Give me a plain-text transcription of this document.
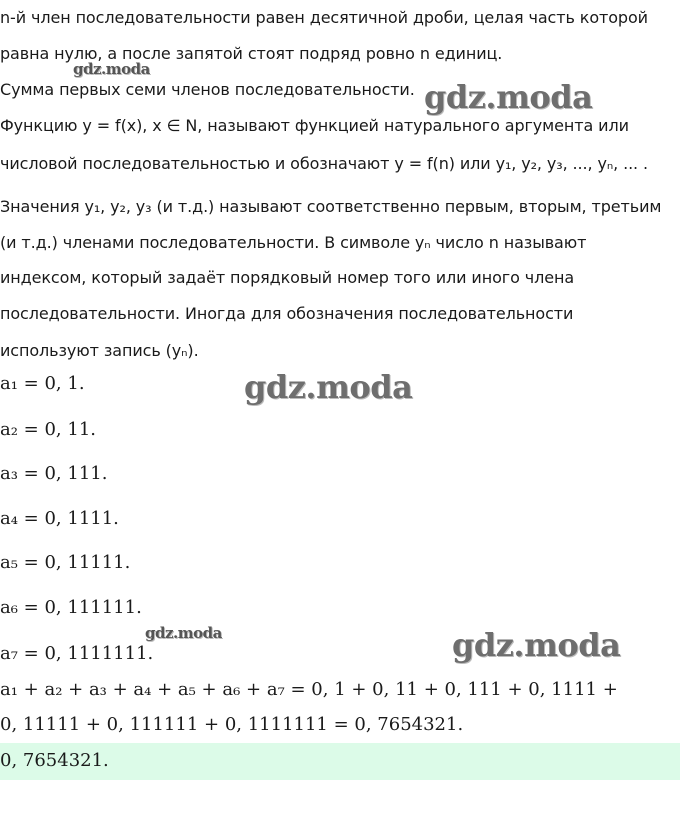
n-й член последовательности равен десятичной дроби, целая часть которой
равна нулю, а после запятой стоят подряд ровно n единиц.
Сумма первых семи членов последовательности.
Функцию y = f(x), x ∈ N, называют функцией натурального аргумента или
числовой последовательностью и обозначают y = f(n) или y₁, y₂, y₃, ..., yₙ, ... .
Значения y₁, y₂, y₃ (и т.д.) называют соответственно первым, вторым, третьим
(и т.д.) членами последовательности. В символе yₙ число n называют
индексом, который задаёт порядковый номер того или иного члена
последовательности. Иногда для обозначения последовательности
используют запись (yₙ).
a₁ = 0, 1.
a₂ = 0, 11.
a₃ = 0, 111.
a₄ = 0, 1111.
a₅ = 0, 11111.
a₆ = 0, 111111.
a₇ = 0, 1111111.
a₁ + a₂ + a₃ + a₄ + a₅ + a₆ + a₇ = 0, 1 + 0, 11 + 0, 111 + 0, 1111 +
0, 11111 + 0, 111111 + 0, 1111111 = 0, 7654321.
0, 7654321.
gdz.moda
gdz.moda
gdz.moda
gdz.moda	gdz.moda
